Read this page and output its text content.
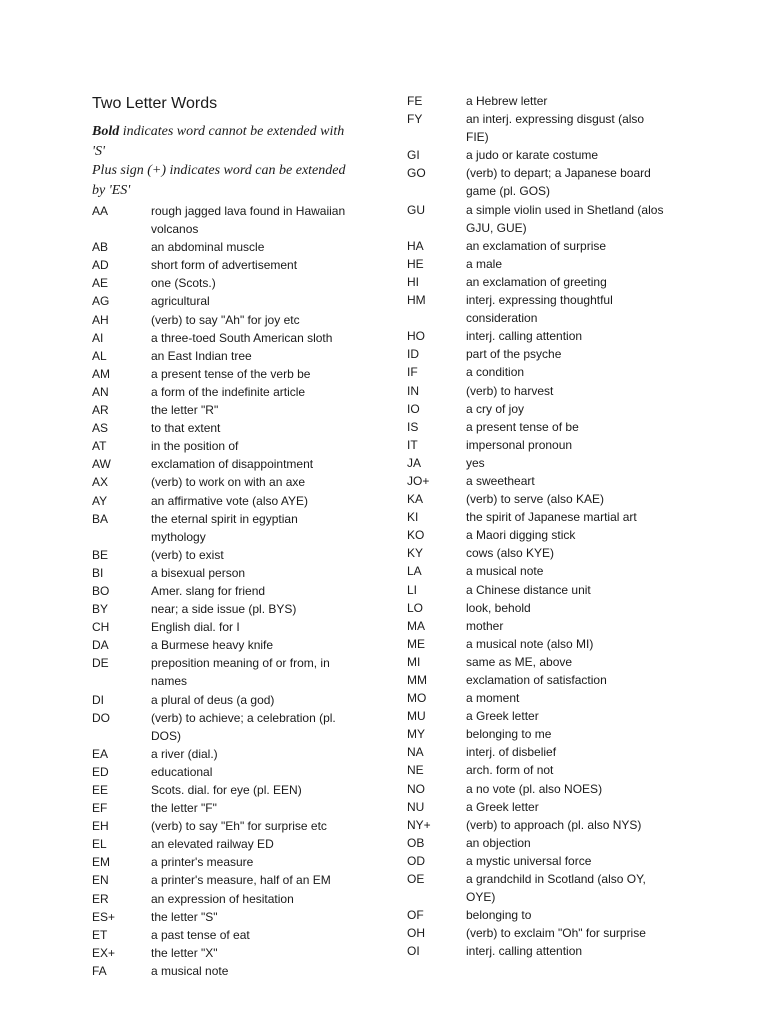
Two Letter Words
Bold indicates word cannot be extended with 'S'
Plus sign (+) indicates word can be extended by 'ES'
AA	rough jagged lava found in Hawaiian volcanos
AB	an abdominal muscle
AD	short form of advertisement
AE	one (Scots.)
AG	agricultural
AH	(verb) to say "Ah" for joy etc
AI	a three-toed South American sloth
AL	an East Indian tree
AM	a present tense of the verb be
AN	a form of the indefinite article
AR	the letter "R"
AS	to that extent
AT	in the position of
AW	exclamation of disappointment
AX	(verb) to work on with an axe
AY	an affirmative vote (also AYE)
BA	the eternal spirit in egyptian mythology
BE	(verb) to exist
BI	a bisexual person
BO	Amer. slang for friend
BY	near; a side issue (pl. BYS)
CH	English dial. for I
DA	a Burmese heavy knife
DE	preposition meaning of or from, in names
DI	a plural of deus (a god)
DO	(verb) to achieve; a celebration (pl. DOS)
EA	a river (dial.)
ED	educational
EE	Scots. dial. for eye (pl. EEN)
EF	the letter "F"
EH	(verb) to say "Eh" for surprise etc
EL	an elevated railway ED
EM	a printer's measure
EN	a printer's measure, half of an EM
ER	an expression of hesitation
ES+	the letter "S"
ET	a past tense of eat
EX+	the letter "X"
FA	a musical note
FE	a Hebrew letter
FY	an interj. expressing disgust (also FIE)
GI	a judo or karate costume
GO	(verb) to depart; a Japanese board game (pl. GOS)
GU	a simple violin used in Shetland (alos GJU, GUE)
HA	an exclamation of surprise
HE	a male
HI	an exclamation of greeting
HM	interj. expressing thoughtful consideration
HO	interj. calling attention
ID	part of the psyche
IF	a condition
IN	(verb) to harvest
IO	a cry of joy
IS	a present tense of be
IT	impersonal pronoun
JA	yes
JO+	a sweetheart
KA	(verb) to serve (also KAE)
KI	the spirit of Japanese martial art
KO	a Maori digging stick
KY	cows (also KYE)
LA	a musical note
LI	a Chinese distance unit
LO	look, behold
MA	mother
ME	a musical note (also MI)
MI	same as ME, above
MM	exclamation of satisfaction
MO	a moment
MU	a Greek letter
MY	belonging to me
NA	interj. of disbelief
NE	arch. form of not
NO	a no vote (pl. also NOES)
NU	a Greek letter
NY+	(verb) to approach (pl. also NYS)
OB	an objection
OD	a mystic universal force
OE	a grandchild in Scotland (also OY, OYE)
OF	belonging to
OH	(verb) to exclaim "Oh" for surprise
OI	interj. calling attention
